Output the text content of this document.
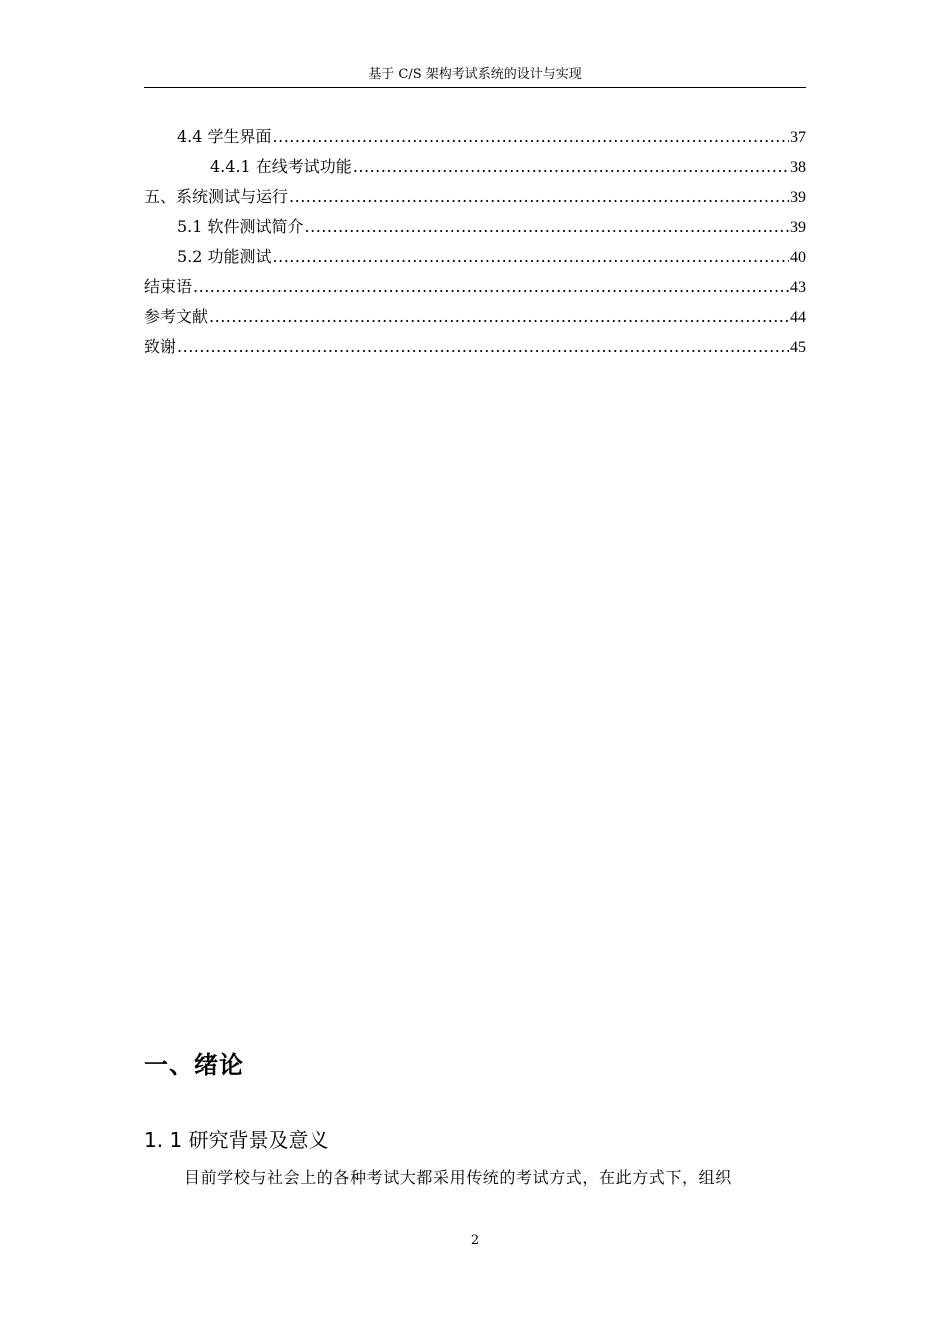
基于 C/S 架构考试系统的设计与实现
4.4 学生界面 .....	37
4.4.1 在线考试功能 .....	38
五、系统测试与运行 .....	39
5.1 软件测试简介 .....	39
5.2 功能测试 .....	40
结束语 .....	43
参考文献 .....	44
致谢 .....	45
一、绪论
1. 1 研究背景及意义

目前学校与社会上的各种考试大都采用传统的考试方式，在此方式下，组织

2
